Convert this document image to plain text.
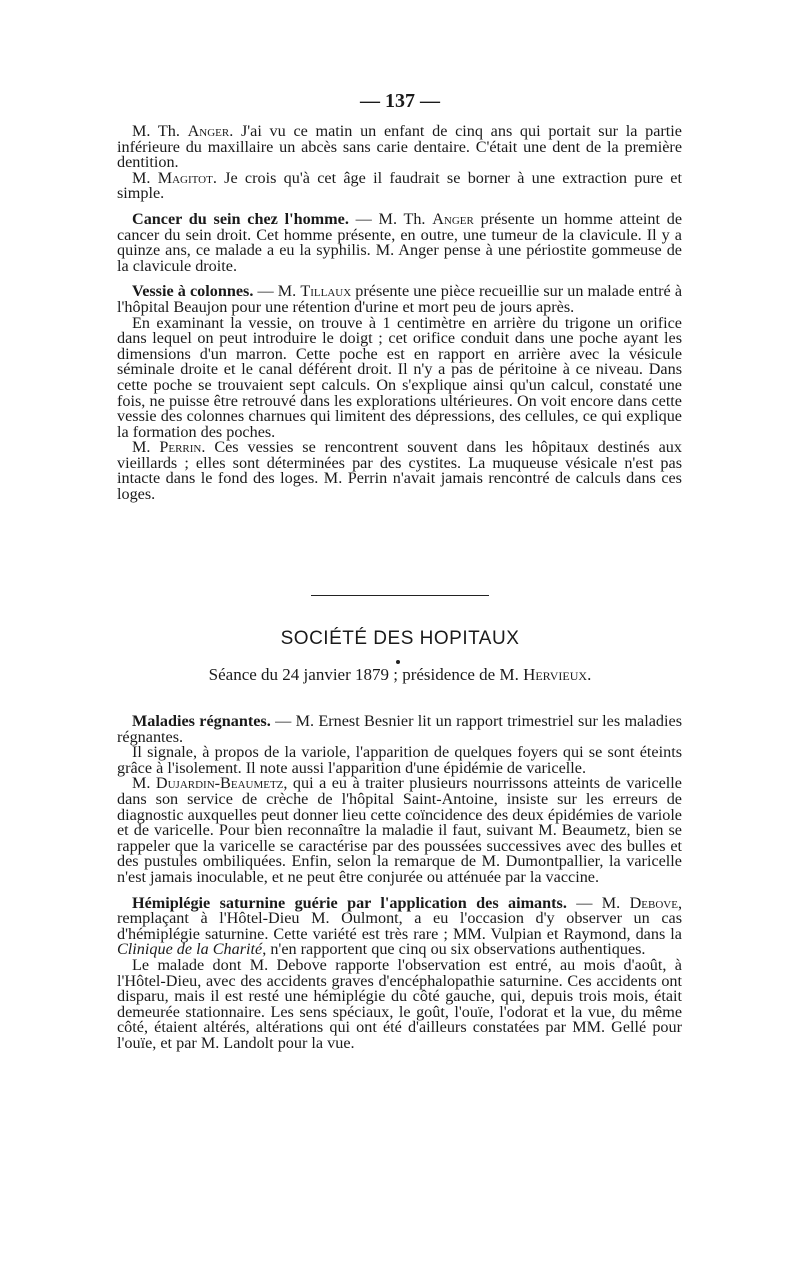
— 137 —

M. Th. Anger. J'ai vu ce matin un enfant de cinq ans qui portait sur la partie inférieure du maxillaire un abcès sans carie dentaire. C'était une dent de la première dentition.

M. Magitot. Je crois qu'à cet âge il faudrait se borner à une extraction pure et simple.

Cancer du sein chez l'homme. — M. Th. Anger présente un homme atteint de cancer du sein droit. Cet homme présente, en outre, une tumeur de la clavicule. Il y a quinze ans, ce malade a eu la syphilis. M. Anger pense à une périostite gommeuse de la clavicule droite.

Vessie à colonnes. — M. Tillaux présente une pièce recueillie sur un malade entré à l'hôpital Beaujon pour une rétention d'urine et mort peu de jours après.

En examinant la vessie, on trouve à 1 centimètre en arrière du trigone un orifice dans lequel on peut introduire le doigt ; cet orifice conduit dans une poche ayant les dimensions d'un marron. Cette poche est en rapport en arrière avec la vésicule séminale droite et le canal déférent droit. Il n'y a pas de péritoine à ce niveau. Dans cette poche se trouvaient sept calculs. On s'explique ainsi qu'un calcul, constaté une fois, ne puisse être retrouvé dans les explorations ultérieures. On voit encore dans cette vessie des colonnes charnues qui limitent des dépressions, des cellules, ce qui explique la formation des poches.

M. Perrin. Ces vessies se rencontrent souvent dans les hôpitaux destinés aux vieillards ; elles sont déterminées par des cystites. La muqueuse vésicale n'est pas intacte dans le fond des loges. M. Perrin n'avait jamais rencontré de calculs dans ces loges.

SOCIÉTÉ DES HOPITAUX
Séance du 24 janvier 1879 ; présidence de M. Hervieux.

Maladies régnantes. — M. Ernest Besnier lit un rapport trimestriel sur les maladies régnantes.

Il signale, à propos de la variole, l'apparition de quelques foyers qui se sont éteints grâce à l'isolement. Il note aussi l'apparition d'une épidémie de varicelle.

M. Dujardin-Beaumetz, qui a eu à traiter plusieurs nourrissons atteints de varicelle dans son service de crèche de l'hôpital Saint-Antoine, insiste sur les erreurs de diagnostic auxquelles peut donner lieu cette coïncidence des deux épidémies de variole et de varicelle. Pour bien reconnaître la maladie il faut, suivant M. Beaumetz, bien se rappeler que la varicelle se caractérise par des poussées successives avec des bulles et des pustules ombiliquées. Enfin, selon la remarque de M. Dumontpallier, la varicelle n'est jamais inoculable, et ne peut être conjurée ou atténuée par la vaccine.

Hémiplégie saturnine guérie par l'application des aimants. — M. Debove, remplaçant à l'Hôtel-Dieu M. Oulmont, a eu l'occasion d'y observer un cas d'hémiplégie saturnine. Cette variété est très rare ; MM. Vulpian et Raymond, dans la Clinique de la Charité, n'en rapportent que cinq ou six observations authentiques.

Le malade dont M. Debove rapporte l'observation est entré, au mois d'août, à l'Hôtel-Dieu, avec des accidents graves d'encéphalopathie saturnine. Ces accidents ont disparu, mais il est resté une hémiplégie du côté gauche, qui, depuis trois mois, était demeurée stationnaire. Les sens spéciaux, le goût, l'ouïe, l'odorat et la vue, du même côté, étaient altérés, altérations qui ont été d'ailleurs constatées par MM. Gellé pour l'ouïe, et par M. Landolt pour la vue.
